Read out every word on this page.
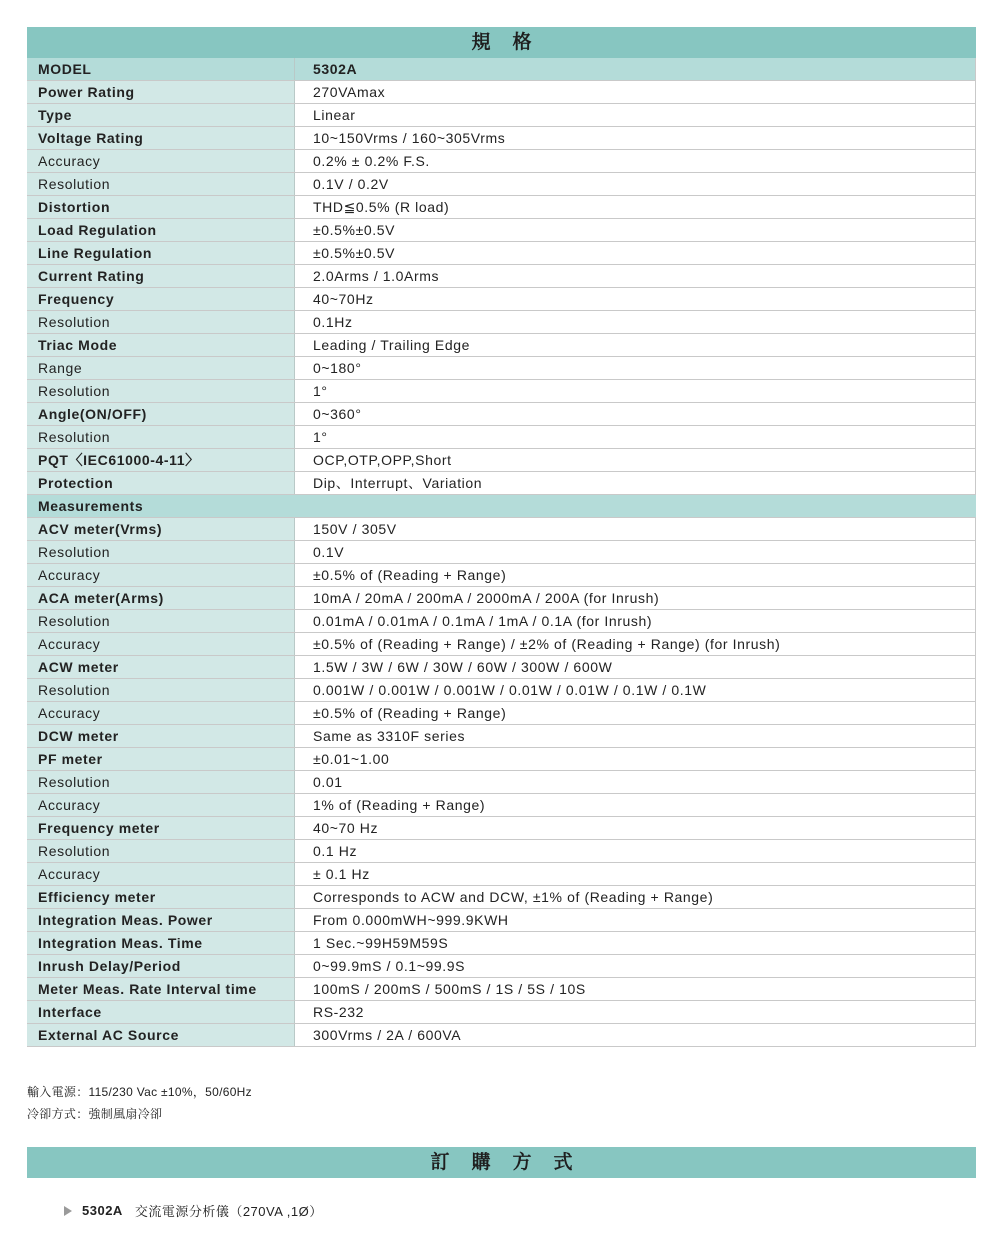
規 格
MODEL	5302A
Power Rating	270VAmax
Type	Linear
Voltage Rating	10~150Vrms / 160~305Vrms
Accuracy	0.2% ± 0.2% F.S.
Resolution	0.1V / 0.2V
Distortion	THD≦0.5% (R load)
Load Regulation	±0.5%±0.5V
Line Regulation	±0.5%±0.5V
Current Rating	2.0Arms / 1.0Arms
Frequency	40~70Hz
Resolution	0.1Hz
Triac Mode	Leading / Trailing Edge
Range	0~180°
Resolution	1°
Angle(ON/OFF)	0~360°
Resolution	1°
PQT〈IEC61000-4-11〉	OCP,OTP,OPP,Short
Protection	Dip、Interrupt、Variation
Measurements	
ACV meter(Vrms)	150V / 305V
Resolution	0.1V
Accuracy	±0.5% of (Reading + Range)
ACA meter(Arms)	10mA / 20mA / 200mA / 2000mA / 200A (for Inrush)
Resolution	0.01mA / 0.01mA / 0.1mA / 1mA / 0.1A (for Inrush)
Accuracy	±0.5% of (Reading + Range) / ±2% of (Reading + Range) (for Inrush)
ACW meter	1.5W / 3W / 6W / 30W / 60W / 300W / 600W
Resolution	0.001W / 0.001W / 0.001W / 0.01W / 0.01W / 0.1W / 0.1W
Accuracy	±0.5% of (Reading + Range)
DCW meter	Same as 3310F series
PF meter	±0.01~1.00
Resolution	0.01
Accuracy	1% of (Reading + Range)
Frequency meter	40~70 Hz
Resolution	0.1 Hz
Accuracy	± 0.1 Hz
Efficiency meter	Corresponds to ACW and DCW, ±1% of (Reading + Range)
Integration Meas. Power	From 0.000mWH~999.9KWH
Integration Meas. Time	1 Sec.~99H59M59S
Inrush Delay/Period	0~99.9mS / 0.1~99.9S
Meter Meas. Rate Interval time	100mS / 200mS / 500mS / 1S / 5S / 10S
Interface	RS-232
External AC Source	300Vrms / 2A / 600VA
輸入電源：115/230 Vac ±10%，50/60Hz
冷卻方式：強制風扇冷卻
訂 購 方 式
5302A 交流電源分析儀（270VA ,1Ø）
